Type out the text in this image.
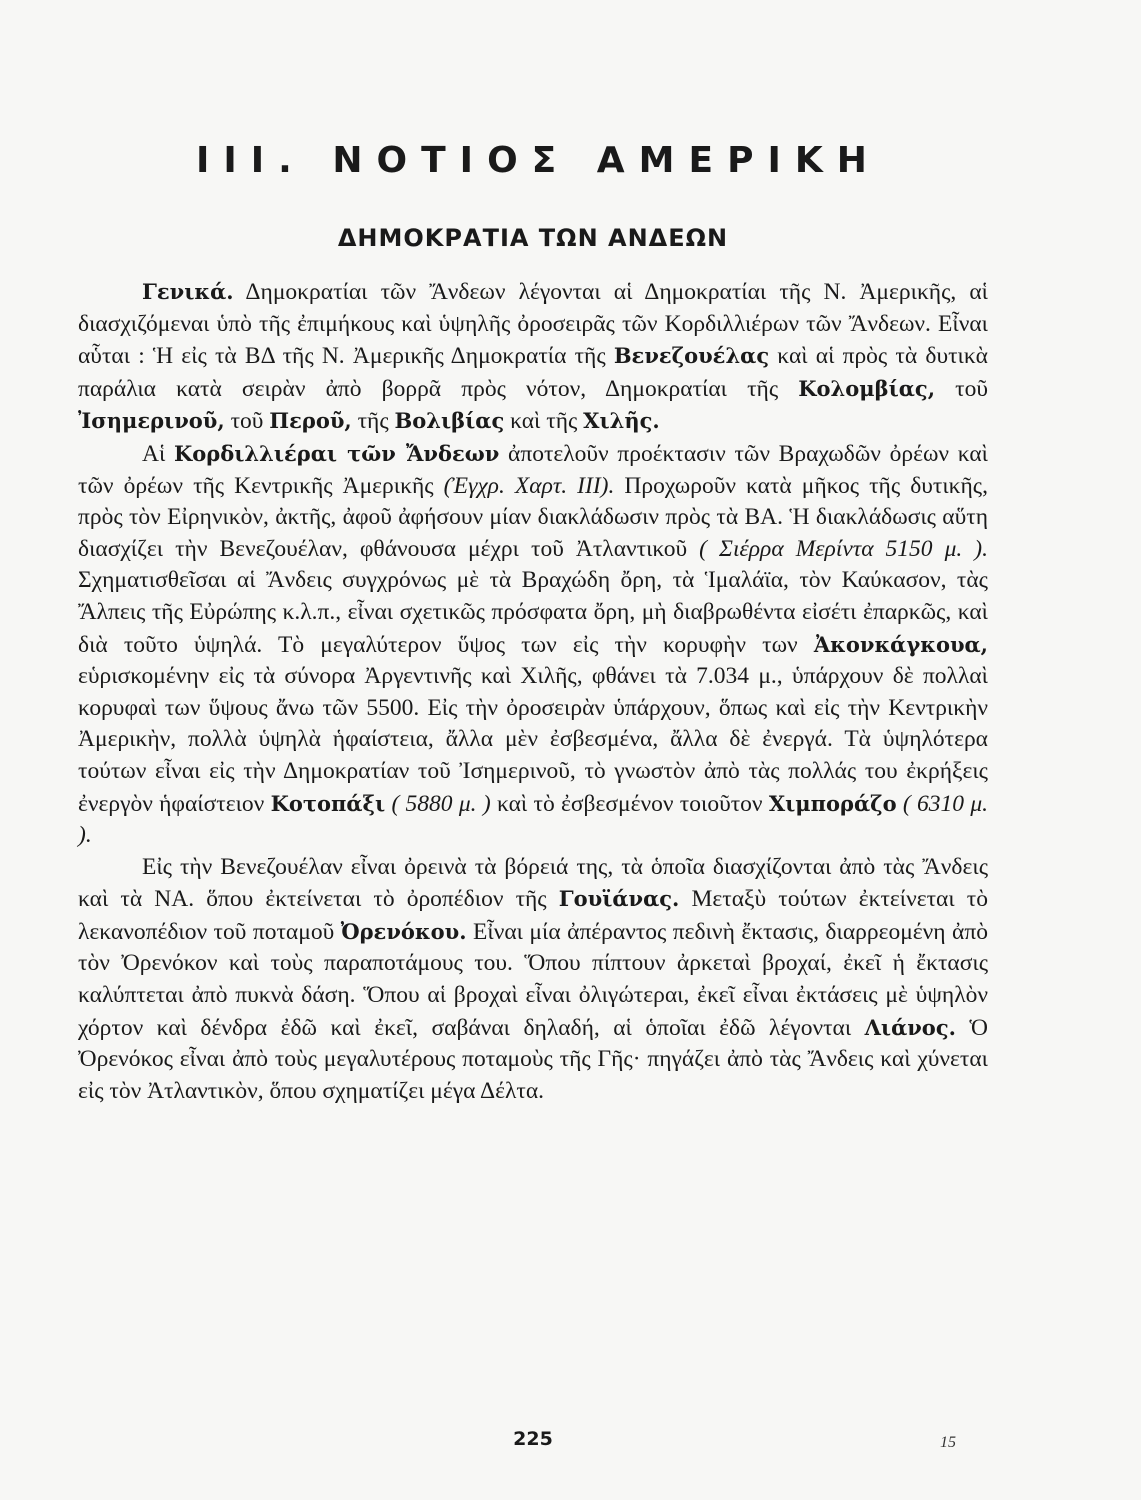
III. ΝΟΤΙΟΣ ΑΜΕΡΙΚΗ
ΔΗΜΟΚΡΑΤΙΑ ΤΩΝ ΑΝΔΕΩΝ

Γενικά. Δημοκρατίαι τῶν Ἄνδεων λέγονται αἱ Δημοκρατίαι τῆς Ν. Ἀμερικῆς, αἱ διασχιζόμεναι ὑπὸ τῆς ἐπιμήκους καὶ ὑψηλῆς ὀροσειρᾶς τῶν Κορδιλλιέρων τῶν Ἄνδεων. Εἶναι αὗται : Ἡ εἰς τὰ ΒΔ τῆς Ν. Ἀμερικῆς Δημοκρατία τῆς Βενεζουέλας καὶ αἱ πρὸς τὰ δυτικὰ παράλια κατὰ σειρὰν ἀπὸ βορρᾶ πρὸς νότον, Δημοκρατίαι τῆς Κολομβίας, τοῦ Ἰσημερινοῦ, τοῦ Περοῦ, τῆς Βολιβίας καὶ τῆς Χιλῆς.

Αἱ Κορδιλλιέραι τῶν Ἄνδεων ἀποτελοῦν προέκτασιν τῶν Βραχωδῶν ὀρέων καὶ τῶν ὀρέων τῆς Κεντρικῆς Ἀμερικῆς (Ἐγχρ. Χαρτ. III). Προχωροῦν κατὰ μῆκος τῆς δυτικῆς, πρὸς τὸν Εἰρηνικὸν, ἀκτῆς, ἀφοῦ ἀφήσουν μίαν διακλάδωσιν πρὸς τὰ ΒΑ. Ἡ διακλάδωσις αὕτη διασχίζει τὴν Βενεζουέλαν, φθάνουσα μέχρι τοῦ Ἀτλαντικοῦ ( Σιέρρα Μερίντα 5150 μ. ). Σχηματισθεῖσαι αἱ Ἄνδεις συγχρόνως μὲ τὰ Βραχώδη ὄρη, τὰ Ἱμαλάϊα, τὸν Καύκασον, τὰς Ἄλπεις τῆς Εὐρώπης κ.λ.π., εἶναι σχετικῶς πρόσφατα ὄρη, μὴ διαβρωθέντα εἰσέτι ἐπαρκῶς, καὶ διὰ τοῦτο ὑψηλά. Τὸ μεγαλύτερον ὕψος των εἰς τὴν κορυφὴν των Ἀκονκάγκουα, εὑρισκομένην εἰς τὰ σύνορα Ἀργεντινῆς καὶ Χιλῆς, φθάνει τὰ 7.034 μ., ὑπάρχουν δὲ πολλαὶ κορυφαὶ των ὕψους ἄνω τῶν 5500. Εἰς τὴν ὀροσειρὰν ὑπάρχουν, ὅπως καὶ εἰς τὴν Κεντρικὴν Ἀμερικὴν, πολλὰ ὑψηλὰ ἡφαίστεια, ἄλλα μὲν ἐσβεσμένα, ἄλλα δὲ ἐνεργά. Τὰ ὑψηλότερα τούτων εἶναι εἰς τὴν Δημοκρατίαν τοῦ Ἰσημερινοῦ, τὸ γνωστὸν ἀπὸ τὰς πολλάς του ἐκρήξεις ἐνεργὸν ἡφαίστειον Κοτοπάξι ( 5880 μ. ) καὶ τὸ ἐσβεσμένον τοιοῦτον Χιμποράζο ( 6310 μ. ).

Εἰς τὴν Βενεζουέλαν εἶναι ὀρεινὰ τὰ βόρειά της, τὰ ὁποῖα διασχίζονται ἀπὸ τὰς Ἄνδεις καὶ τὰ ΝΑ. ὅπου ἐκτείνεται τὸ ὀροπέδιον τῆς Γουϊάνας. Μεταξὺ τούτων ἐκτείνεται τὸ λεκανοπέδιον τοῦ ποταμοῦ Ὀρενόκου. Εἶναι μία ἀπέραντος πεδινὴ ἔκτασις, διαρρεομένη ἀπὸ τὸν Ὀρενόκον καὶ τοὺς παραποτάμους του. Ὅπου πίπτουν ἀρκεταὶ βροχαί, ἐκεῖ ἡ ἔκτασις καλύπτεται ἀπὸ πυκνὰ δάση. Ὅπου αἱ βροχαὶ εἶναι ὀλιγώτεραι, ἐκεῖ εἶναι ἐκτάσεις μὲ ὑψηλὸν χόρτον καὶ δένδρα ἐδῶ καὶ ἐκεῖ, σαβάναι δηλαδή, αἱ ὁποῖαι ἐδῶ λέγονται Λιάνος. Ὁ Ὀρενόκος εἶναι ἀπὸ τοὺς μεγαλυτέρους ποταμοὺς τῆς Γῆς· πηγάζει ἀπὸ τὰς Ἄνδεις καὶ χύνεται εἰς τὸν Ἀτλαντικὸν, ὅπου σχηματίζει μέγα Δέλτα.

225	15
